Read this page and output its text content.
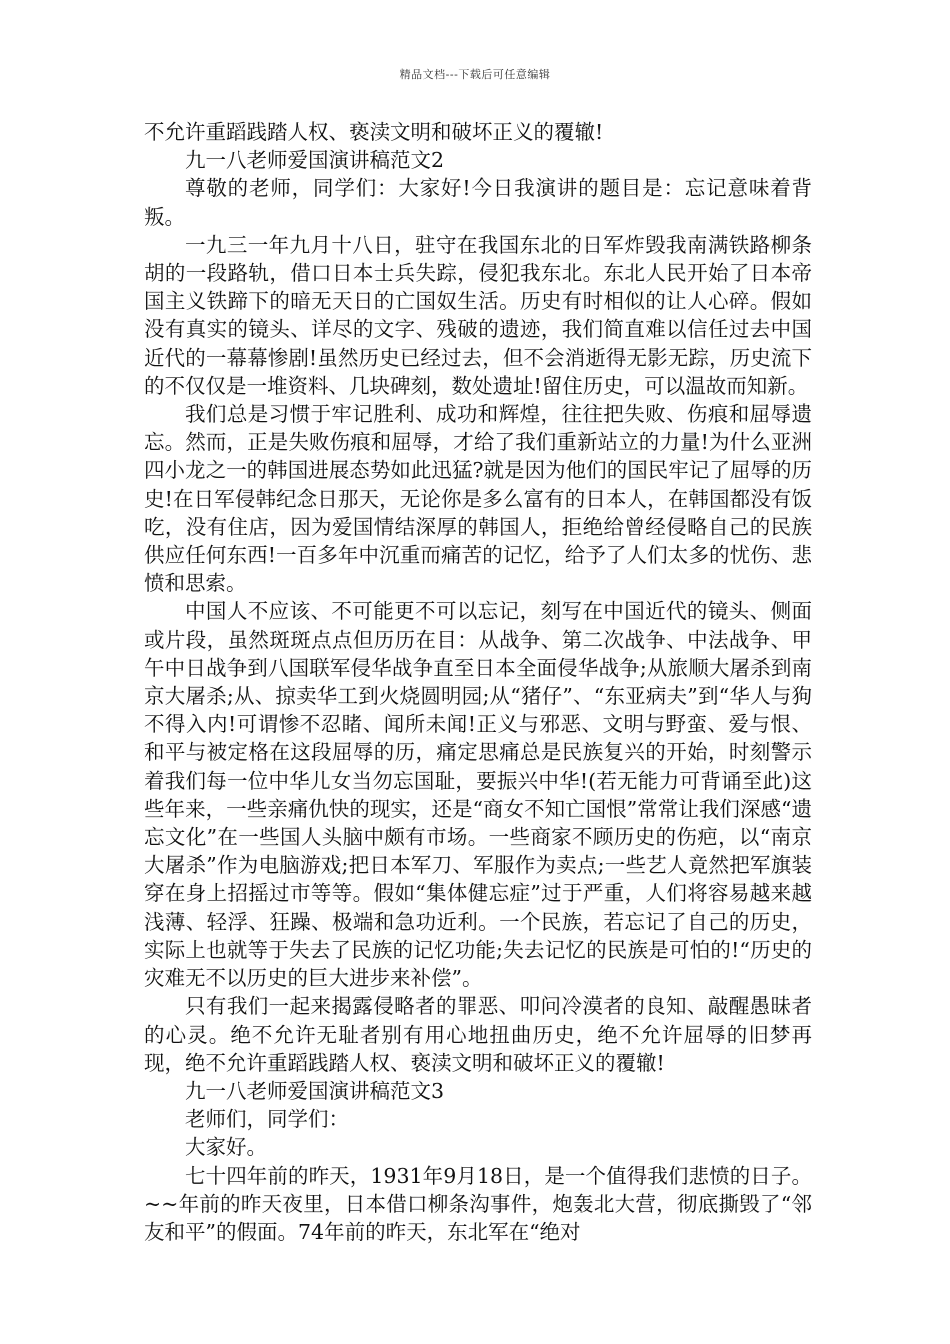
精品文档---下载后可任意编辑

不允许重蹈践踏人权、亵渎文明和破坏正义的覆辙!

九一八老师爱国演讲稿范文2

尊敬的老师，同学们：大家好!今日我演讲的题目是：忘记意味着背叛。

一九三一年九月十八日，驻守在我国东北的日军炸毁我南满铁路柳条胡的一段路轨，借口日本士兵失踪，侵犯我东北。东北人民开始了日本帝国主义铁蹄下的暗无天日的亡国奴生活。历史有时相似的让人心碎。假如没有真实的镜头、详尽的文字、残破的遗迹，我们简直难以信任过去中国近代的一幕幕惨剧!虽然历史已经过去，但不会消逝得无影无踪，历史流下的不仅仅是一堆资料、几块碑刻，数处遗址!留住历史，可以温故而知新。

我们总是习惯于牢记胜利、成功和辉煌，往往把失败、伤痕和屈辱遗忘。然而，正是失败伤痕和屈辱，才给了我们重新站立的力量!为什么亚洲四小龙之一的韩国进展态势如此迅猛?就是因为他们的国民牢记了屈辱的历史!在日军侵韩纪念日那天，无论你是多么富有的日本人，在韩国都没有饭吃，没有住店，因为爱国情结深厚的韩国人，拒绝给曾经侵略自己的民族供应任何东西!一百多年中沉重而痛苦的记忆，给予了人们太多的忧伤、悲愤和思索。

中国人不应该、不可能更不可以忘记，刻写在中国近代的镜头、侧面或片段，虽然斑斑点点但历历在目：从战争、第二次战争、中法战争、甲午中日战争到八国联军侵华战争直至日本全面侵华战争;从旅顺大屠杀到南京大屠杀;从、掠卖华工到火烧圆明园;从“猪仔”、“东亚病夫”到“华人与狗不得入内!可谓惨不忍睹、闻所未闻!正义与邪恶、文明与野蛮、爱与恨、和平与被定格在这段屈辱的历，痛定思痛总是民族复兴的开始，时刻警示着我们每一位中华儿女当勿忘国耻，要振兴中华!(若无能力可背诵至此)这些年来，一些亲痛仇快的现实，还是“商女不知亡国恨”常常让我们深感“遗忘文化”在一些国人头脑中颇有市场。一些商家不顾历史的伤疤，以“南京大屠杀”作为电脑游戏;把日本军刀、军服作为卖点;一些艺人竟然把军旗装穿在身上招摇过市等等。假如“集体健忘症”过于严重，人们将容易越来越浅薄、轻浮、狂躁、极端和急功近利。一个民族，若忘记了自己的历史，实际上也就等于失去了民族的记忆功能;失去记忆的民族是可怕的!“历史的灾难无不以历史的巨大进步来补偿”。

只有我们一起来揭露侵略者的罪恶、叩问冷漠者的良知、敲醒愚昧者的心灵。绝不允许无耻者别有用心地扭曲历史，绝不允许屈辱的旧梦再现，绝不允许重蹈践踏人权、亵渎文明和破坏正义的覆辙!

九一八老师爱国演讲稿范文3

老师们，同学们：

大家好。

七十四年前的昨天，1931年9月18日，是一个值得我们悲愤的日子。~~年前的昨天夜里，日本借口柳条沟事件，炮轰北大营，彻底撕毁了“邻友和平”的假面。74年前的昨天，东北军在“绝对
